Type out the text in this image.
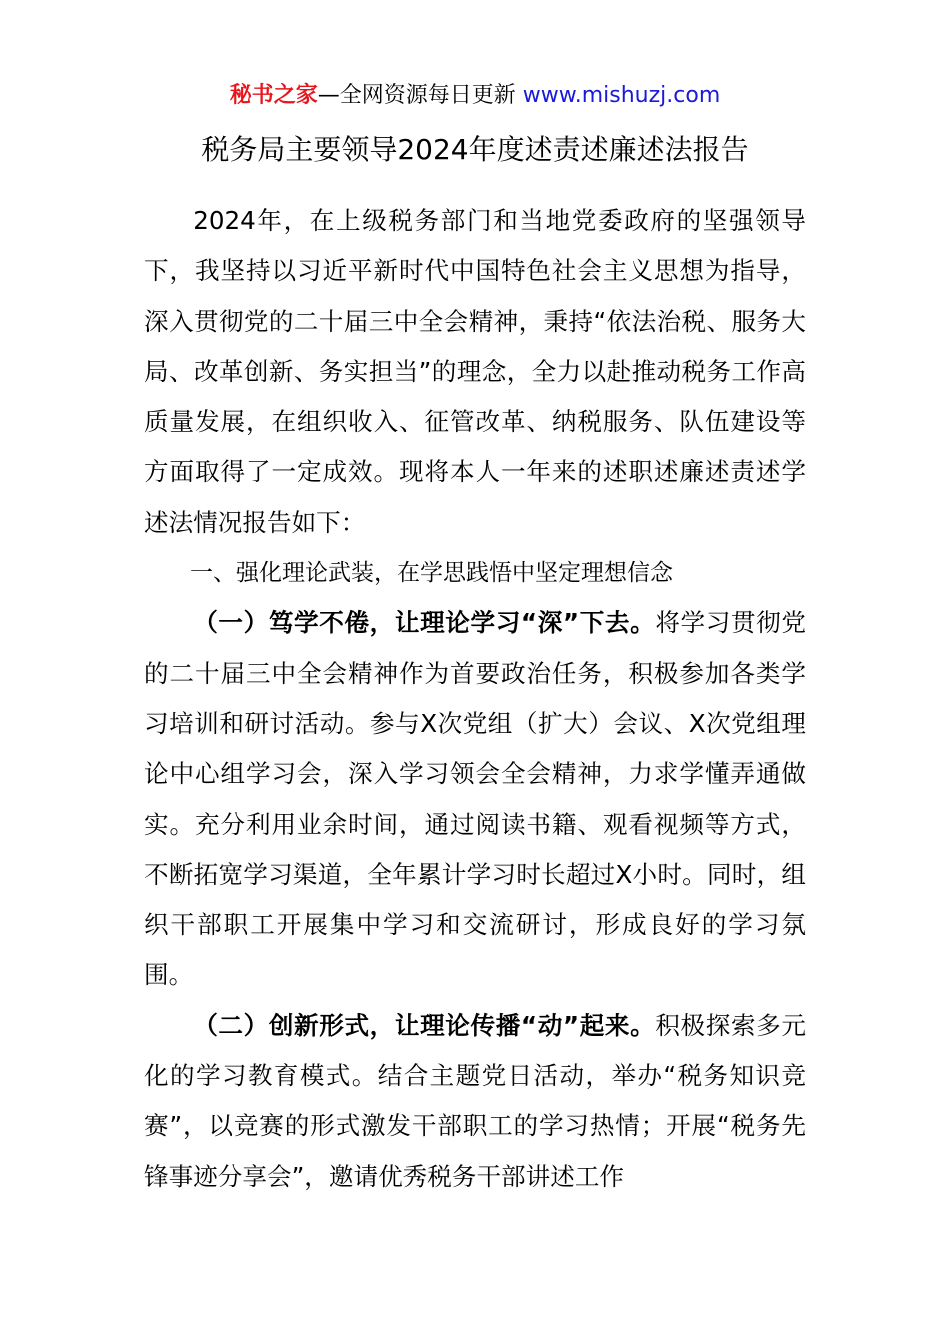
秘书之家—全网资源每日更新 www.mishuzj.com
税务局主要领导2024年度述责述廉述法报告

2024年，在上级税务部门和当地党委政府的坚强领导下，我坚持以习近平新时代中国特色社会主义思想为指导，深入贯彻党的二十届三中全会精神，秉持“依法治税、服务大局、改革创新、务实担当”的理念，全力以赴推动税务工作高质量发展，在组织收入、征管改革、纳税服务、队伍建设等方面取得了一定成效。现将本人一年来的述职述廉述责述学述法情况报告如下：

一、强化理论武装，在学思践悟中坚定理想信念

（一）笃学不倦，让理论学习“深”下去。将学习贯彻党的二十届三中全会精神作为首要政治任务，积极参加各类学习培训和研讨活动。参与X次党组（扩大）会议、X次党组理论中心组学习会，深入学习领会全会精神，力求学懂弄通做实。充分利用业余时间，通过阅读书籍、观看视频等方式，不断拓宽学习渠道，全年累计学习时长超过X小时。同时，组织干部职工开展集中学习和交流研讨，形成良好的学习氛围。

（二）创新形式，让理论传播“动”起来。积极探索多元化的学习教育模式。结合主题党日活动，举办“税务知识竞赛”，以竞赛的形式激发干部职工的学习热情；开展“税务先锋事迹分享会”，邀请优秀税务干部讲述工作
